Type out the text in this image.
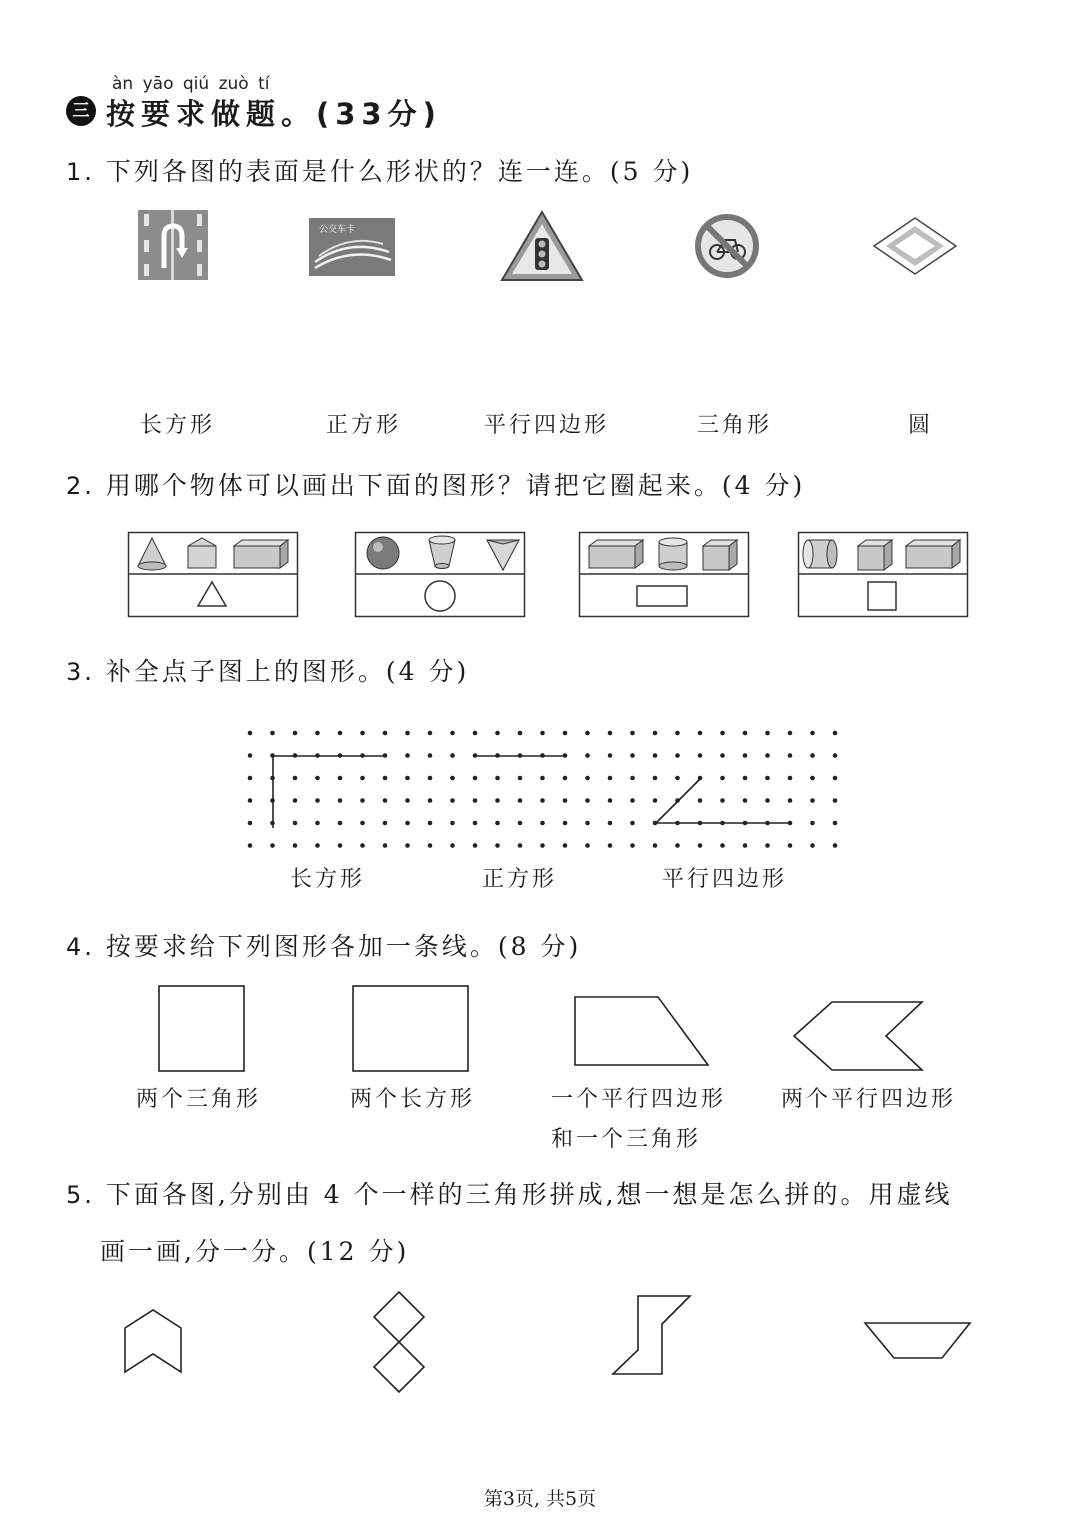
àn yāo qiú zuò tí
三 按要求做题。(33分)
1. 下列各图的表面是什么形状的？连一连。(5 分)
公交车卡
长方形	正方形	平行四边形	三角形	圆
2. 用哪个物体可以画出下面的图形？请把它圈起来。(4 分)
3. 补全点子图上的图形。(4 分)
长方形	正方形	平行四边形
4. 按要求给下列图形各加一条线。(8 分)
两个三角形	两个长方形	一个平行四边形
和一个三角形
两个平行四边形
5. 下面各图,分别由 4 个一样的三角形拼成,想一想是怎么拼的。用虚线
画一画,分一分。(12 分)
第3页, 共5页
